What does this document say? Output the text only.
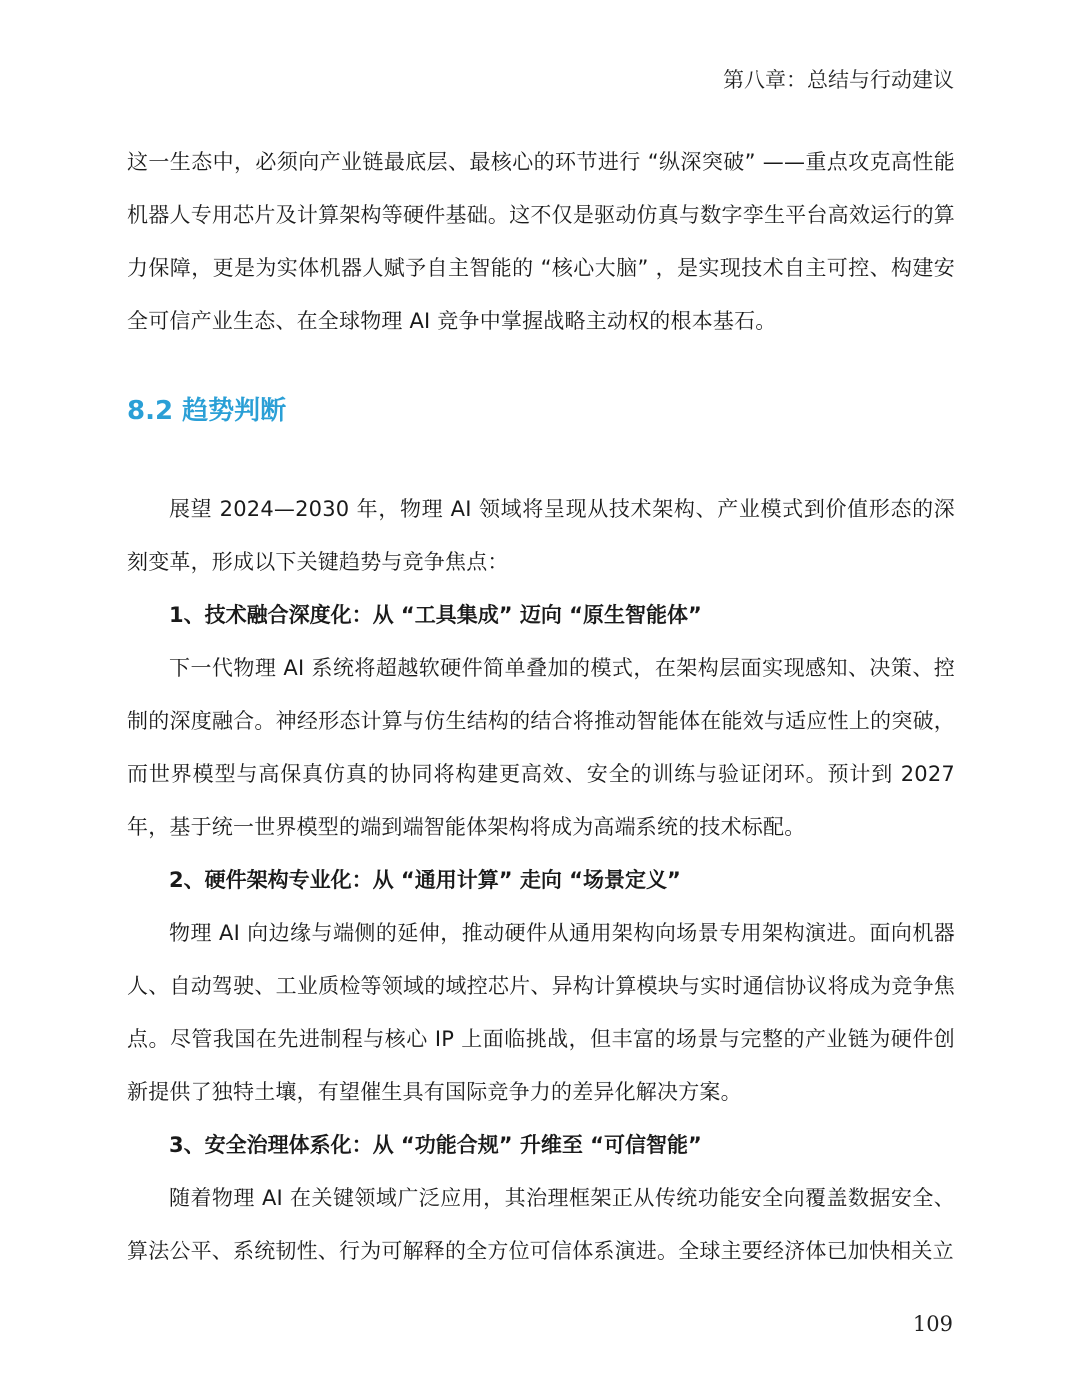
第八章：总结与行动建议

这一生态中，必须向产业链最底层、最核心的环节进行 “纵深突破” ——重点攻克高性能机器人专用芯片及计算架构等硬件基础。这不仅是驱动仿真与数字孪生平台高效运行的算力保障，更是为实体机器人赋予自主智能的 “核心大脑” ，是实现技术自主可控、构建安全可信产业生态、在全球物理 AI 竞争中掌握战略主动权的根本基石。

8.2 趋势判断

展望 2024—2030 年，物理 AI 领域将呈现从技术架构、产业模式到价值形态的深刻变革，形成以下关键趋势与竞争焦点：

1、技术融合深度化：从 “工具集成” 迈向 “原生智能体”

下一代物理 AI 系统将超越软硬件简单叠加的模式，在架构层面实现感知、决策、控制的深度融合。神经形态计算与仿生结构的结合将推动智能体在能效与适应性上的突破，而世界模型与高保真仿真的协同将构建更高效、安全的训练与验证闭环。预计到 2027 年，基于统一世界模型的端到端智能体架构将成为高端系统的技术标配。

2、硬件架构专业化：从 “通用计算” 走向 “场景定义”

物理 AI 向边缘与端侧的延伸，推动硬件从通用架构向场景专用架构演进。面向机器人、自动驾驶、工业质检等领域的域控芯片、异构计算模块与实时通信协议将成为竞争焦点。尽管我国在先进制程与核心 IP 上面临挑战，但丰富的场景与完整的产业链为硬件创新提供了独特土壤，有望催生具有国际竞争力的差异化解决方案。

3、安全治理体系化：从 “功能合规” 升维至 “可信智能”

随着物理 AI 在关键领域广泛应用，其治理框架正从传统功能安全向覆盖数据安全、算法公平、系统韧性、行为可解释的全方位可信体系演进。全球主要经济体已加快相关立

109
